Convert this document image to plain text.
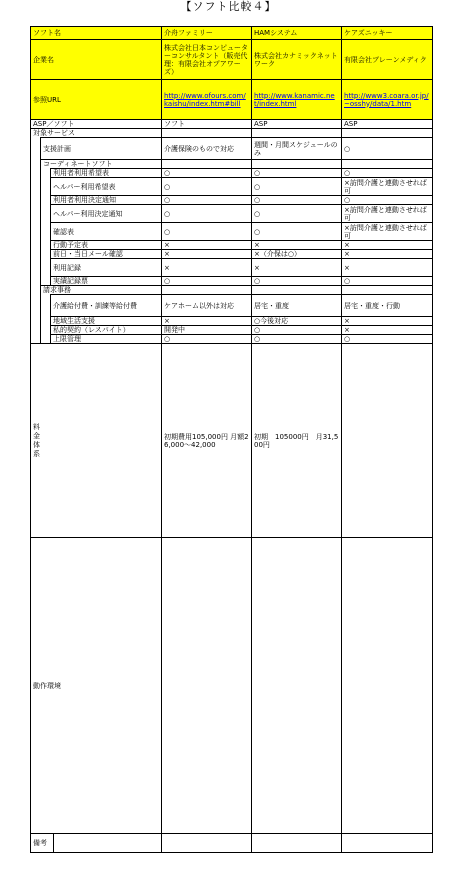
【ソフト比較４】
ソフト名			介舟ファミリー	HAMシステム	ケアズニッキー
企業名			株式会社日本コンピューターコンサルタント（販売代理：有限会社オプアワーズ）	株式会社カナミックネットワーク	有限会社ブレーンメディク
参照URL			http://www.ofours.com/kaishu/index.htm#bill	http://www.kanamic.net/index.html	http://www3.coara.or.jp/~osshy/data/1.htm
ASP／ソフト			ソフト	ASP	ASP
対象サービス					
	支援計画		介護保険のもので対応	週間・月間スケジュールのみ	○
	コーディネートソフト				
		利用者利用希望表	○	○	○
		ヘルパー利用希望表	○	○	×訪問介護と連動させれば可
		利用者利用決定通知	○	○	○
		ヘルパー利用決定通知	○	○	×訪問介護と連動させれば可
		確認表	○	○	×訪問介護と連動させれば可
		行動予定表	×	×	×
		前日・当日メール確認	×	×（介保は○）	×
		利用記録	×	×	×
		実績記録票	○	○	○
	請求事務				
		介護給付費・訓練等給付費	ケアホーム以外は対応	居宅・重度	居宅・重度・行動
		地域生活支援	×	○今後対応	×
		私的契約（レスパイト）	開発中	○	×
		上限管理	○	○	○

料金体系			初期費用105,000円 月額26,000～42,000	初期　105000円　月31,500円	
動作環境					

備考					
